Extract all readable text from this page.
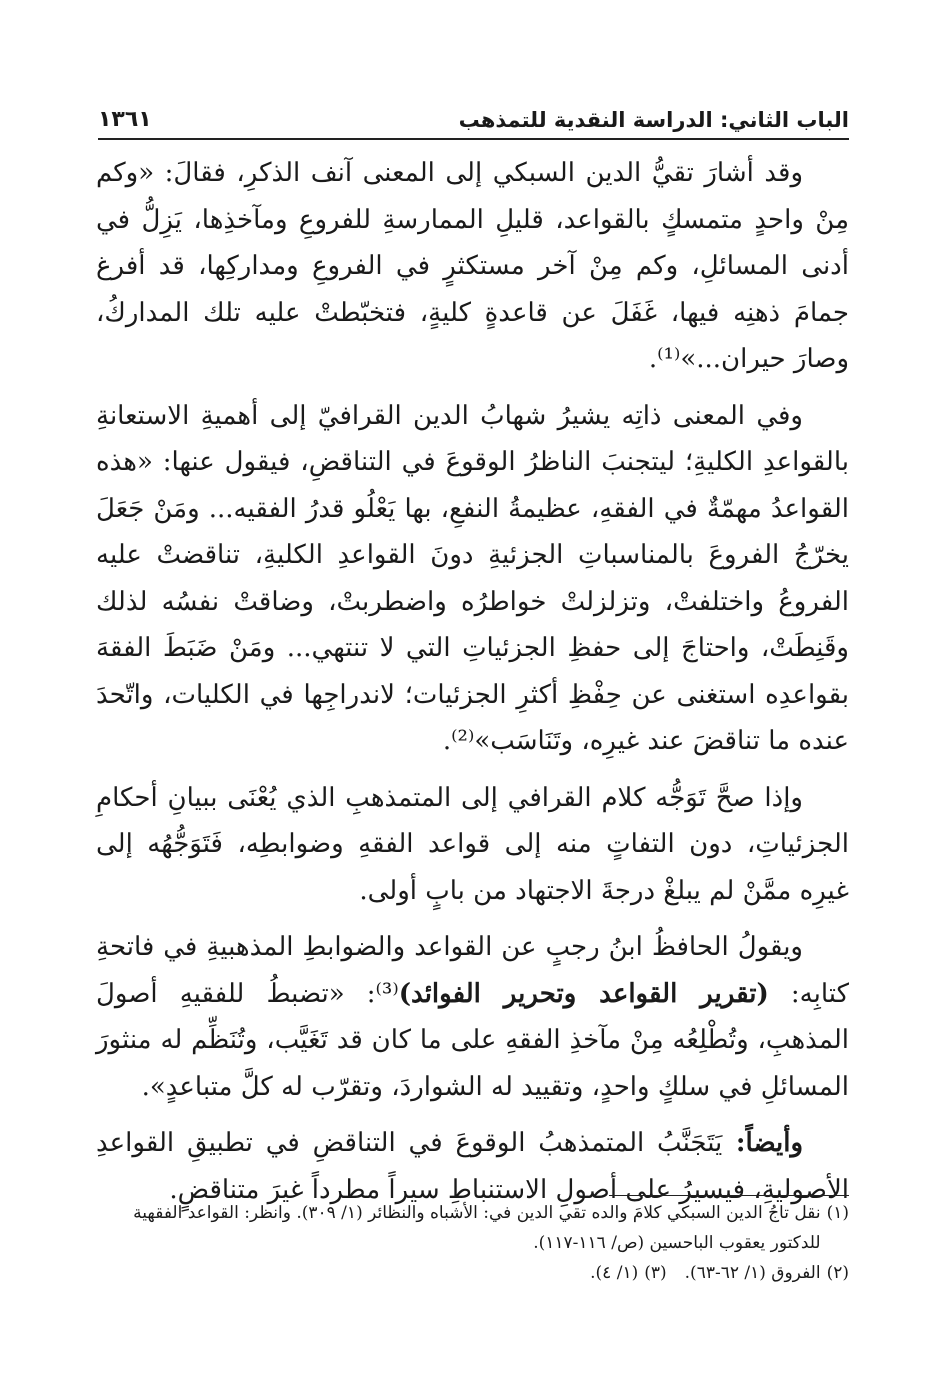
الباب الثاني: الدراسة النقدية للتمذهب
١٣٦١

وقد أشارَ تقيُّ الدين السبكي إلى المعنى آنف الذكرِ، فقالَ: «وكم مِنْ واحدٍ متمسكٍ بالقواعد، قليلِ الممارسةِ للفروعِ ومآخذِها، يَزِلُّ في أدنى المسائلِ، وكم مِنْ آخر مستكثرٍ في الفروعِ ومداركِها، قد أفرغ جمامَ ذهنِه فيها، غَفَلَ عن قاعدةٍ كليةٍ، فتخبّطتْ عليه تلك المداركُ، وصارَ حيران...»⁽¹⁾.

وفي المعنى ذاتِه يشيرُ شهابُ الدين القرافيّ إلى أهميةِ الاستعانةِ بالقواعدِ الكليةِ؛ ليتجنبَ الناظرُ الوقوعَ في التناقضِ، فيقول عنها: «هذه القواعدُ مهمّةٌ في الفقهِ، عظيمةُ النفعِ، بها يَعْلُو قدرُ الفقيه... ومَنْ جَعَلَ يخرّجُ الفروعَ بالمناسباتِ الجزئيةِ دونَ القواعدِ الكليةِ، تناقضتْ عليه الفروعُ واختلفتْ، وتزلزلتْ خواطرُه واضطربتْ، وضاقتْ نفسُه لذلك وقَنِطَتْ، واحتاجَ إلى حفظِ الجزئياتِ التي لا تنتهي... ومَنْ ضَبَطَ الفقهَ بقواعدِه استغنى عن حِفْظِ أكثرِ الجزئيات؛ لاندراجِها في الكليات، واتّحدَ عنده ما تناقضَ عند غيرِه، وتَنَاسَب»⁽²⁾.

وإذا صحَّ تَوَجُّه كلام القرافي إلى المتمذهبِ الذي يُعْنَى ببيانِ أحكامِ الجزئياتِ، دون التفاتٍ منه إلى قواعد الفقهِ وضوابطِه، فَتَوَجُّهُه إلى غيرِه ممَّنْ لم يبلغْ درجةَ الاجتهاد من بابٍ أولى.

ويقولُ الحافظُ ابنُ رجبٍ عن القواعد والضوابطِ المذهبيةِ في فاتحةِ كتابِه: (تقرير القواعد وتحرير الفوائد)⁽³⁾: «تضبطُ للفقيهِ أصولَ المذهبِ، وتُطْلِعُه مِنْ مآخذِ الفقهِ على ما كان قد تَغَيَّب، وتُنَظِّم له منثورَ المسائلِ في سلكٍ واحدٍ، وتقييد له الشواردَ، وتقرّب له كلَّ متباعدٍ».

وأيضاً: يَتَجَنَّبُ المتمذهبُ الوقوعَ في التناقضِ في تطبيقِ القواعدِ الأصوليةِ، فيسيرُ على أصولِ الاستنباطِ سيراً مطرداً غيرَ متناقضٍ.

(١)
نقل تاجُ الدين السبكي كلامَ والده تقي الدين في: الأشباه والنظائر (١/ ٣٠٩). وانظر: القواعد الفقهية للدكتور يعقوب الباحسين (ص/ ١١٦-١١٧).
(٢)
الفروق (١/ ٦٢-٦٣).
(٣)
(١/ ٤).
